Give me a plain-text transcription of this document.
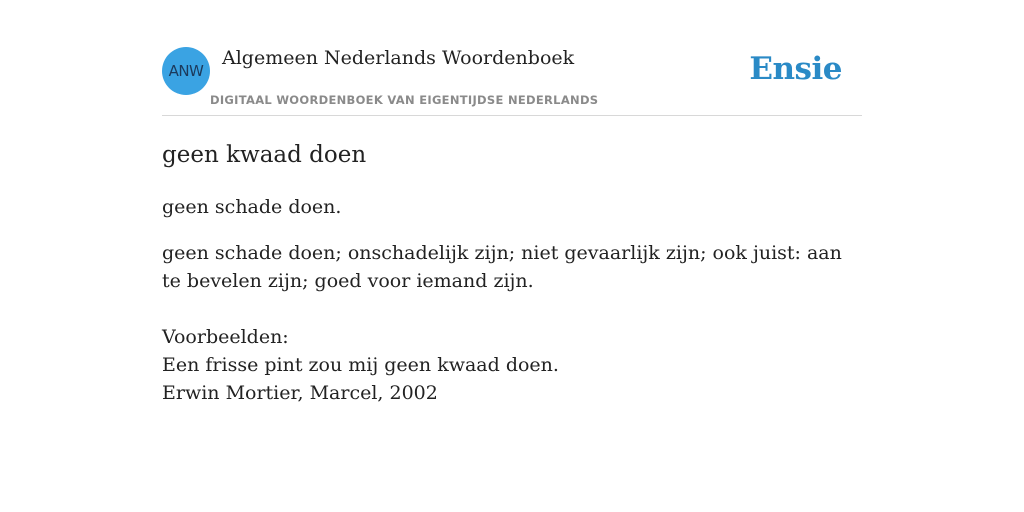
ANW
Algemeen Nederlands Woordenboek
DIGITAAL WOORDENBOEK VAN EIGENTIJDSE NEDERLANDS
Ensie
geen kwaad doen
geen schade doen.
geen schade doen; onschadelijk zijn; niet gevaarlijk zijn; ook juist: aan te bevelen zijn; goed voor iemand zijn.
Voorbeelden:
Een frisse pint zou mij geen kwaad doen.
Erwin Mortier, Marcel, 2002
